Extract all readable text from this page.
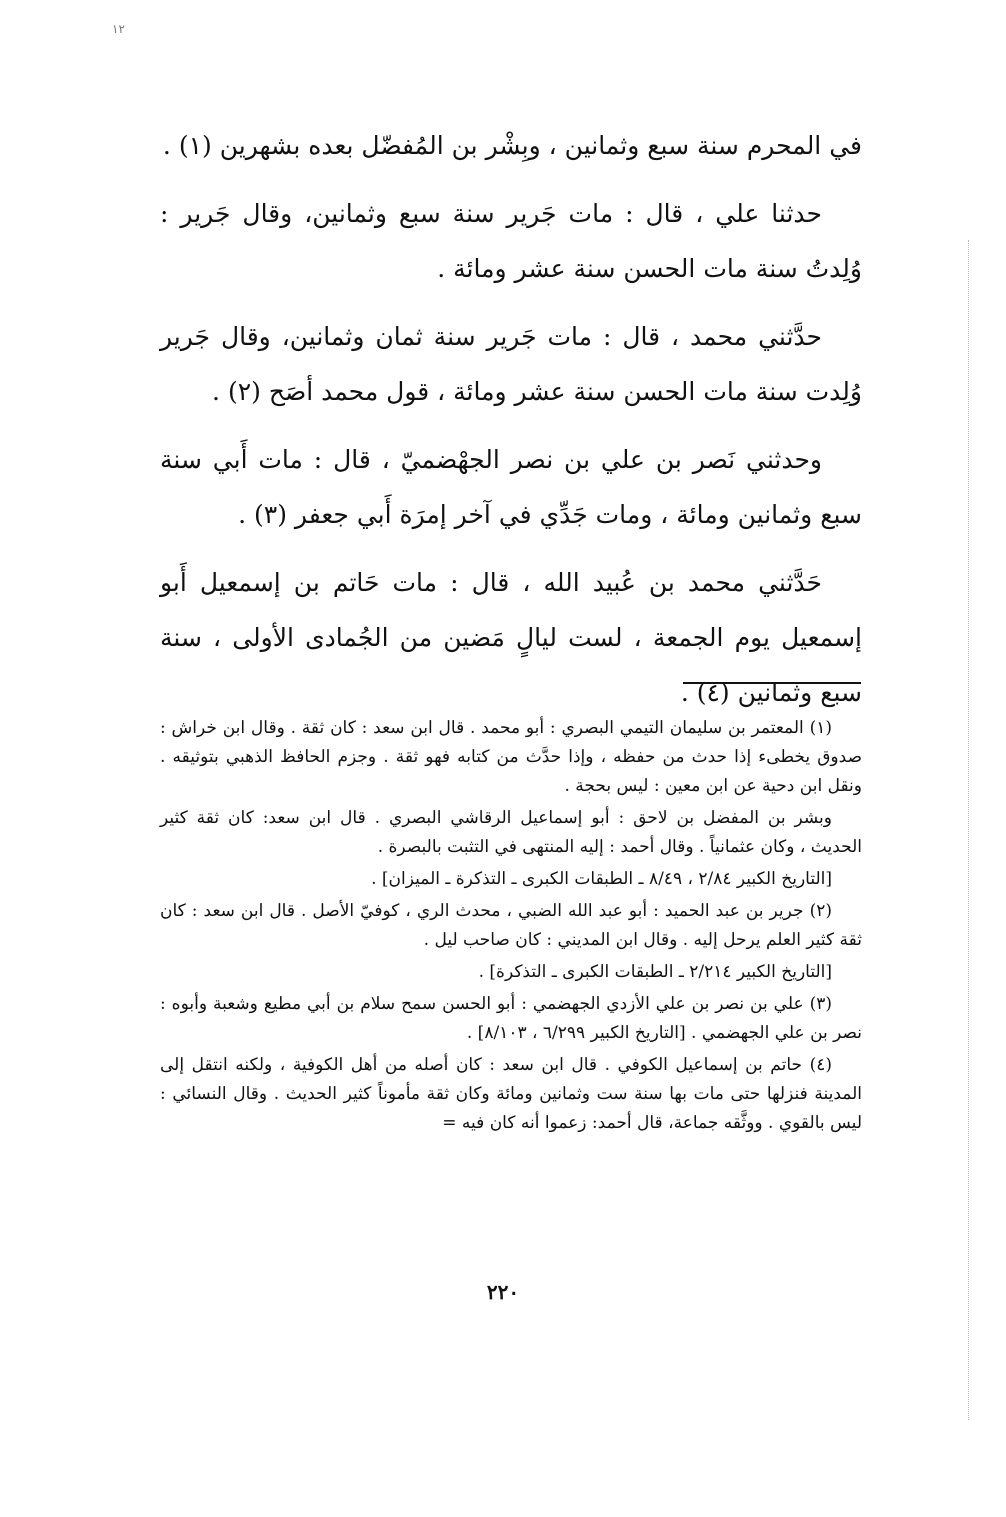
١٢

في المحرم سنة سبع وثمانين ، وبِشْر بن المُفضّل بعده بشهرين (١) .

حدثنا علي ، قال : مات جَرير سنة سبع وثمانين، وقال جَرير : وُلِدتُ سنة مات الحسن سنة عشر ومائة .

حدَّثني محمد ، قال : مات جَرير سنة ثمان وثمانين، وقال جَرير وُلِدت سنة مات الحسن سنة عشر ومائة ، قول محمد أصَح (٢) .

وحدثني نَصر بن علي بن نصر الجهْضميّ ، قال : مات أَبي سنة سبع وثمانين ومائة ، ومات جَدِّي في آخر إمرَة أَبي جعفر (٣) .

حَدَّثني محمد بن عُبيد الله ، قال : مات حَاتم بن إسمعيل أَبو إسمعيل يوم الجمعة ، لست ليالٍ مَضين من الجُمادى الأولى ، سنة سبع وثمانين (٤) .

(١) المعتمر بن سليمان التيمي البصري : أبو محمد . قال ابن سعد : كان ثقة . وقال ابن خراش : صدوق يخطىء إذا حدث من حفظه ، وإذا حدَّث من كتابه فهو ثقة . وجزم الحافظ الذهبي بتوثيقه . ونقل ابن دحية عن ابن معين : ليس بحجة .

وبشر بن المفضل بن لاحق : أبو إسماعيل الرقاشي البصري . قال ابن سعد: كان ثقة كثير الحديث ، وكان عثمانياً . وقال أحمد : إليه المنتهى في التثبت بالبصرة .

[التاريخ الكبير ٢/٨٤ ، ٨/٤٩ ـ الطبقات الكبرى ـ التذكرة ـ الميزان] .

(٢) جرير بن عبد الحميد : أبو عبد الله الضبي ، محدث الري ، كوفيّ الأصل . قال ابن سعد : كان ثقة كثير العلم يرحل إليه . وقال ابن المديني : كان صاحب ليل .

[التاريخ الكبير ٢/٢١٤ ـ الطبقات الكبرى ـ التذكرة] .

(٣) علي بن نصر بن علي الأزدي الجهضمي : أبو الحسن سمح سلام بن أبي مطيع وشعبة وأبوه : نصر بن علي الجهضمي . [التاريخ الكبير ٦/٢٩٩ ، ٨/١٠٣] .

(٤) حاتم بن إسماعيل الكوفي . قال ابن سعد : كان أصله من أهل الكوفية ، ولكنه انتقل إلى المدينة فنزلها حتى مات بها سنة ست وثمانين ومائة وكان ثقة مأموناً كثير الحديث . وقال النسائي : ليس بالقوي . ووثَّقه جماعة، قال أحمد: زعموا أنه كان فيه =

٢٢٠
